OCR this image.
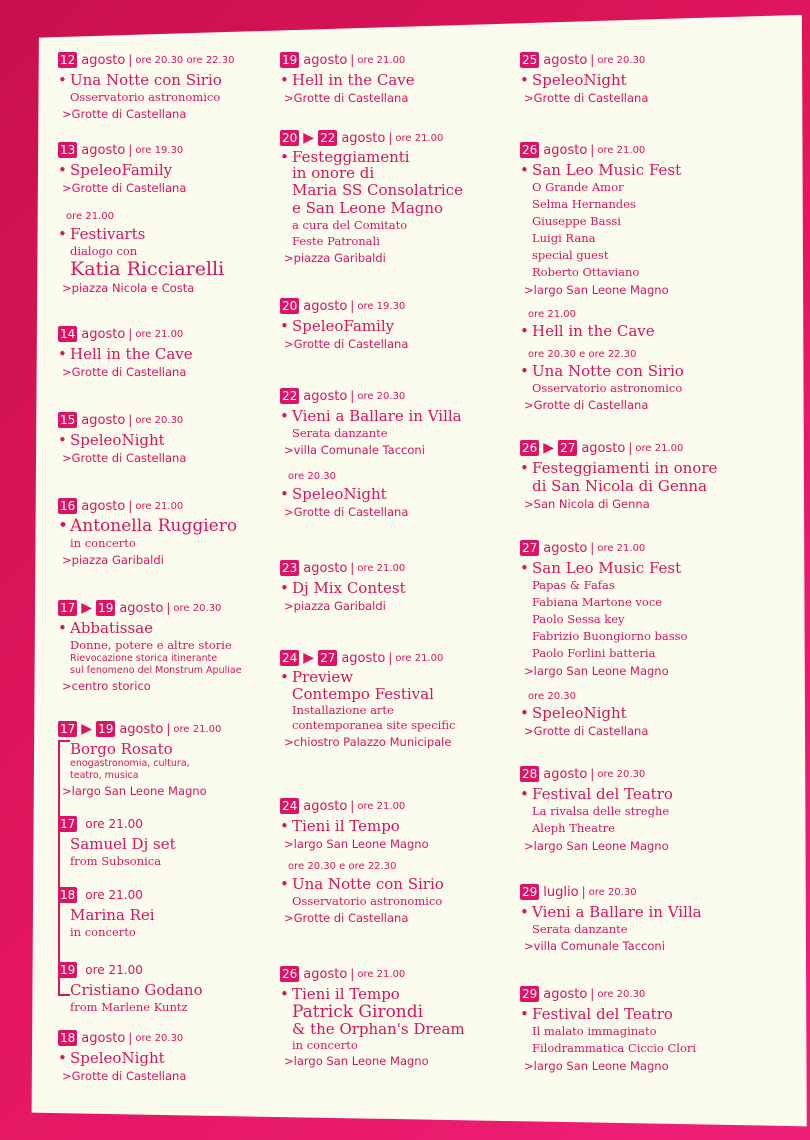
12 agosto | ore 20.30 ore 22.30
• Una Notte con Sirio
Osservatorio astronomico
> Grotte di Castellana
13 agosto | ore 19.30
• SpeleoFamily
> Grotte di Castellana
ore 21.00
• Festivarts
dialogo con
Katia Ricciarelli
> piazza Nicola e Costa
14 agosto | ore 21.00
• Hell in the Cave
> Grotte di Castellana
15 agosto | ore 20.30
• SpeleoNight
> Grotte di Castellana
16 agosto | ore 21.00
• Antonella Ruggiero
in concerto
> piazza Garibaldi
17 ▶ 19 agosto | ore 20.30
• Abbatissae
Donne, potere e altre storie
Rievocazione storica itinerante
sul fenomeno del Monstrum Apuliae
> centro storico
17 ▶ 19 agosto | ore 21.00
Borgo Rosato
enogastronomia, cultura,
teatro, musica
> largo San Leone Magno
17 ore 21.00
Samuel Dj set
from Subsonica
18 ore 21.00
Marina Rei
in concerto
19 ore 21.00
Cristiano Godano
from Marlene Kuntz
18 agosto | ore 20.30
• SpeleoNight
> Grotte di Castellana
19 agosto | ore 21.00
• Hell in the Cave
> Grotte di Castellana
20 ▶ 22 agosto | ore 21.00
• Festeggiamenti
in onore di
Maria SS Consolatrice
e San Leone Magno
a cura del Comitato
Feste Patronali
> piazza Garibaldi
20 agosto | ore 19.30
• SpeleoFamily
> Grotte di Castellana
22 agosto | ore 20.30
• Vieni a Ballare in Villa
Serata danzante
> villa Comunale Tacconi
ore 20.30
• SpeleoNight
> Grotte di Castellana
23 agosto | ore 21.00
• Dj Mix Contest
> piazza Garibaldi
24 ▶ 27 agosto | ore 21.00
• Preview
Contempo Festival
Installazione arte
contemporanea site specific
> chiostro Palazzo Municipale
24 agosto | ore 21.00
• Tieni il Tempo
> largo San Leone Magno
ore 20.30 e ore 22.30
• Una Notte con Sirio
Osservatorio astronomico
> Grotte di Castellana
26 agosto | ore 21.00
• Tieni il Tempo
Patrick Girondi
& the Orphan's Dream
in concerto
> largo San Leone Magno
25 agosto | ore 20.30
• SpeleoNight
> Grotte di Castellana
26 agosto | ore 21.00
• San Leo Music Fest
O Grande Amor
Selma Hernandes
Giuseppe Bassi
Luigi Rana
special guest
Roberto Ottaviano
> largo San Leone Magno
ore 21.00
• Hell in the Cave
ore 20.30 e ore 22.30
• Una Notte con Sirio
Osservatorio astronomico
> Grotte di Castellana
26 ▶ 27 agosto | ore 21.00
• Festeggiamenti in onore
di San Nicola di Genna
> San Nicola di Genna
27 agosto | ore 21.00
• San Leo Music Fest
Papas & Fafas
Fabiana Martone voce
Paolo Sessa key
Fabrizio Buongiorno basso
Paolo Forlini batteria
> largo San Leone Magno
ore 20.30
• SpeleoNight
> Grotte di Castellana
28 agosto | ore 20.30
• Festival del Teatro
La rivalsa delle streghe
Aleph Theatre
> largo San Leone Magno
29 luglio | ore 20.30
• Vieni a Ballare in Villa
Serata danzante
> villa Comunale Tacconi
29 agosto | ore 20.30
• Festival del Teatro
Il malato immaginato
Filodrammatica Ciccio Clori
> largo San Leone Magno
